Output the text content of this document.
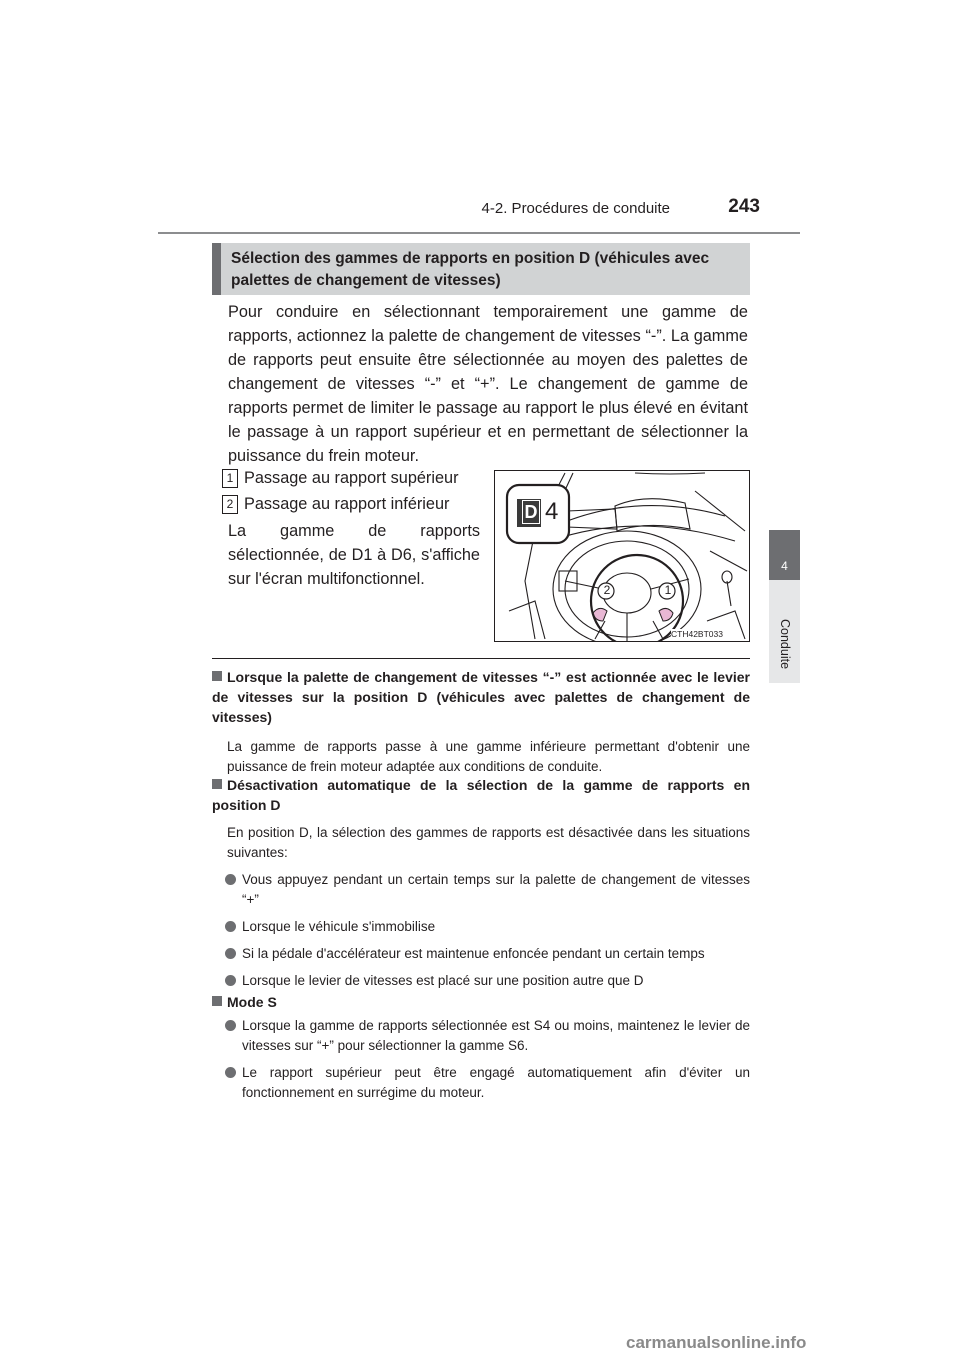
4-2. Procédures de conduite	243
4
Conduite
Sélection des gammes de rapports en position D (véhicules avec palettes de changement de vitesses)
Pour conduire en sélectionnant temporairement une gamme de rapports, actionnez la palette de changement de vitesses “-”. La gamme de rapports peut ensuite être sélectionnée au moyen des palettes de changement de vitesses “-” et “+”. Le changement de gamme de rapports permet de limiter le passage au rapport le plus élevé en évitant le passage à un rapport supérieur et en permettant de sélectionner la puissance du frein moteur.
1 Passage au rapport supérieur
2 Passage au rapport inférieur
La gamme de rapports sélectionnée, de D1 à D6, s'affiche sur l'écran multifonctionnel.
D 4
2	1
CTH42BT033
Lorsque la palette de changement de vitesses “-” est actionnée avec le levier de vitesses sur la position D (véhicules avec palettes de changement de vitesses)
La gamme de rapports passe à une gamme inférieure permettant d'obtenir une puissance de frein moteur adaptée aux conditions de conduite.
Désactivation automatique de la sélection de la gamme de rapports en position D
En position D, la sélection des gammes de rapports est désactivée dans les situations suivantes:
Vous appuyez pendant un certain temps sur la palette de changement de vitesses “+”
Lorsque le véhicule s'immobilise
Si la pédale d'accélérateur est maintenue enfoncée pendant un certain temps
Lorsque le levier de vitesses est placé sur une position autre que D
Mode S
Lorsque la gamme de rapports sélectionnée est S4 ou moins, maintenez le levier de vitesses sur “+” pour sélectionner la gamme S6.
Le rapport supérieur peut être engagé automatiquement afin d'éviter un fonctionnement en surrégime du moteur.
carmanualsonline.info
